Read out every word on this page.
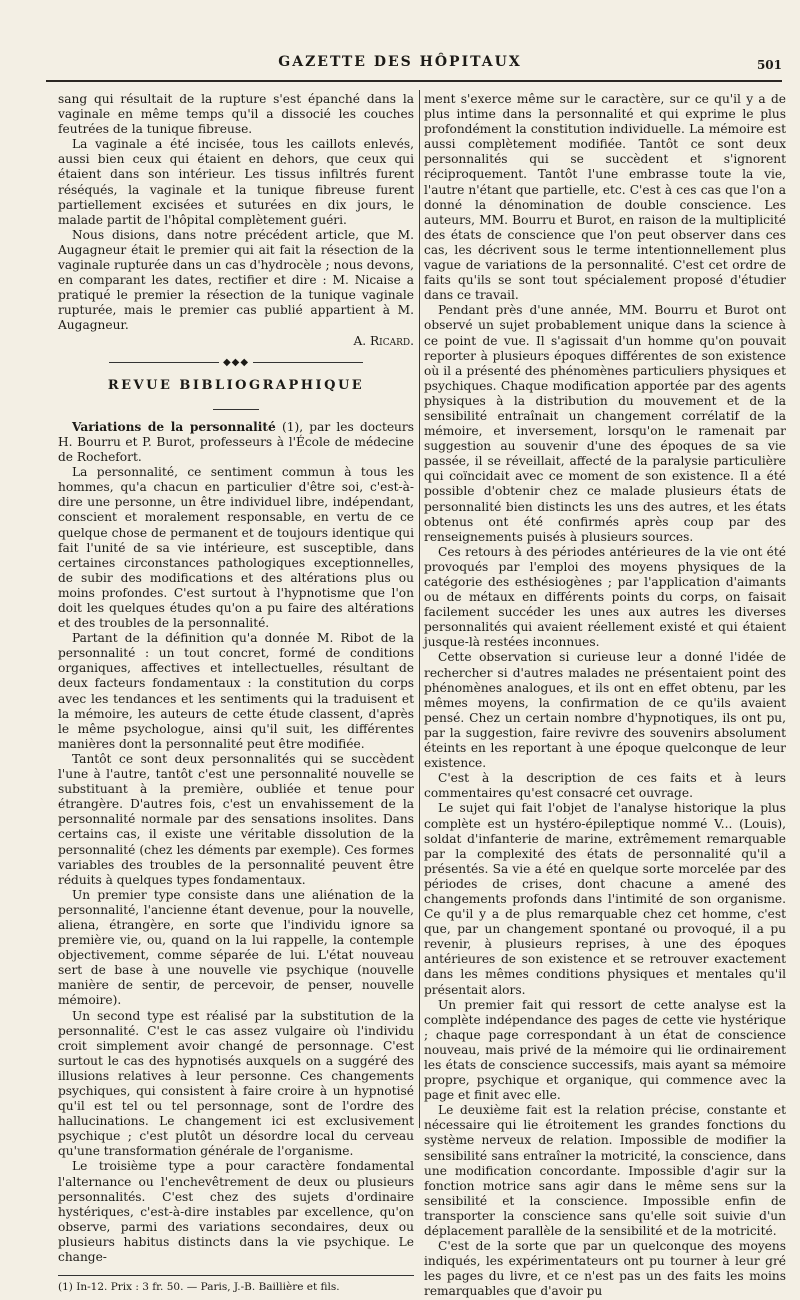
GAZETTE DES HÔPITAUX	501

sang qui résultait de la rupture s'est épanché dans la vaginale en même temps qu'il a dissocié les couches feutrées de la tunique fibreuse.

La vaginale a été incisée, tous les caillots enlevés, aussi bien ceux qui étaient en dehors, que ceux qui étaient dans son intérieur. Les tissus infiltrés furent réséqués, la vaginale et la tunique fibreuse furent partiellement excisées et suturées en dix jours, le malade partit de l'hôpital complètement guéri.

Nous disions, dans notre précédent article, que M. Augagneur était le premier qui ait fait la résection de la vaginale rupturée dans un cas d'hydrocèle ; nous devons, en comparant les dates, rectifier et dire : M. Nicaise a pratiqué le premier la résection de la tunique vaginale rupturée, mais le premier cas publié appartient à M. Augagneur.

A. Ricard.

◆◆◆
REVUE BIBLIOGRAPHIQUE

Variations de la personnalité (1), par les docteurs H. Bourru et P. Burot, professeurs à l'École de médecine de Rochefort.

La personnalité, ce sentiment commun à tous les hommes, qu'a chacun en particulier d'être soi, c'est-à-dire une personne, un être individuel libre, indépendant, conscient et moralement responsable, en vertu de ce quelque chose de permanent et de toujours identique qui fait l'unité de sa vie intérieure, est susceptible, dans certaines circonstances pathologiques exceptionnelles, de subir des modifications et des altérations plus ou moins profondes. C'est surtout à l'hypnotisme que l'on doit les quelques études qu'on a pu faire des altérations et des troubles de la personnalité.

Partant de la définition qu'a donnée M. Ribot de la personnalité : un tout concret, formé de conditions organiques, affectives et intellectuelles, résultant de deux facteurs fondamentaux : la constitution du corps avec les tendances et les sentiments qui la traduisent et la mémoire, les auteurs de cette étude classent, d'après le même psychologue, ainsi qu'il suit, les différentes manières dont la personnalité peut être modifiée.

Tantôt ce sont deux personnalités qui se succèdent l'une à l'autre, tantôt c'est une personnalité nouvelle se substituant à la première, oubliée et tenue pour étrangère. D'autres fois, c'est un envahissement de la personnalité normale par des sensations insolites. Dans certains cas, il existe une véritable dissolution de la personnalité (chez les déments par exemple). Ces formes variables des troubles de la personnalité peuvent être réduits à quelques types fondamentaux.

Un premier type consiste dans une aliénation de la personnalité, l'ancienne étant devenue, pour la nouvelle, aliena, étrangère, en sorte que l'individu ignore sa première vie, ou, quand on la lui rappelle, la contemple objectivement, comme séparée de lui. L'état nouveau sert de base à une nouvelle vie psychique (nouvelle manière de sentir, de percevoir, de penser, nouvelle mémoire).

Un second type est réalisé par la substitution de la personnalité. C'est le cas assez vulgaire où l'individu croit simplement avoir changé de personnage. C'est surtout le cas des hypnotisés auxquels on a suggéré des illusions relatives à leur personne. Ces changements psychiques, qui consistent à faire croire à un hypnotisé qu'il est tel ou tel personnage, sont de l'ordre des hallucinations. Le changement ici est exclusivement psychique ; c'est plutôt un désordre local du cerveau qu'une transformation générale de l'organisme.

Le troisième type a pour caractère fondamental l'alternance ou l'enchevêtrement de deux ou plusieurs personnalités. C'est chez des sujets d'ordinaire hystériques, c'est-à-dire instables par excellence, qu'on observe, parmi des variations secondaires, deux ou plusieurs habitus distincts dans la vie psychique. Le change-

(1) In-12. Prix : 3 fr. 50. — Paris, J.-B. Baillière et fils.

ment s'exerce même sur le caractère, sur ce qu'il y a de plus intime dans la personnalité et qui exprime le plus profondément la constitution individuelle. La mémoire est aussi complètement modifiée. Tantôt ce sont deux personnalités qui se succèdent et s'ignorent réciproquement. Tantôt l'une embrasse toute la vie, l'autre n'étant que partielle, etc. C'est à ces cas que l'on a donné la dénomination de double conscience. Les auteurs, MM. Bourru et Burot, en raison de la multiplicité des états de conscience que l'on peut observer dans ces cas, les décrivent sous le terme intentionnellement plus vague de variations de la personnalité. C'est cet ordre de faits qu'ils se sont tout spécialement proposé d'étudier dans ce travail.

Pendant près d'une année, MM. Bourru et Burot ont observé un sujet probablement unique dans la science à ce point de vue. Il s'agissait d'un homme qu'on pouvait reporter à plusieurs époques différentes de son existence où il a présenté des phénomènes particuliers physiques et psychiques. Chaque modification apportée par des agents physiques à la distribution du mouvement et de la sensibilité entraînait un changement corrélatif de la mémoire, et inversement, lorsqu'on le ramenait par suggestion au souvenir d'une des époques de sa vie passée, il se réveillait, affecté de la paralysie particulière qui coïncidait avec ce moment de son existence. Il a été possible d'obtenir chez ce malade plusieurs états de personnalité bien distincts les uns des autres, et les états obtenus ont été confirmés après coup par des renseignements puisés à plusieurs sources.

Ces retours à des périodes antérieures de la vie ont été provoqués par l'emploi des moyens physiques de la catégorie des esthésiogènes ; par l'application d'aimants ou de métaux en différents points du corps, on faisait facilement succéder les unes aux autres les diverses personnalités qui avaient réellement existé et qui étaient jusque-là restées inconnues.

Cette observation si curieuse leur a donné l'idée de rechercher si d'autres malades ne présentaient point des phénomènes analogues, et ils ont en effet obtenu, par les mêmes moyens, la confirmation de ce qu'ils avaient pensé. Chez un certain nombre d'hypnotiques, ils ont pu, par la suggestion, faire revivre des souvenirs absolument éteints en les reportant à une époque quelconque de leur existence.

C'est à la description de ces faits et à leurs commentaires qu'est consacré cet ouvrage.

Le sujet qui fait l'objet de l'analyse historique la plus complète est un hystéro-épileptique nommé V... (Louis), soldat d'infanterie de marine, extrêmement remarquable par la complexité des états de personnalité qu'il a présentés. Sa vie a été en quelque sorte morcelée par des périodes de crises, dont chacune a amené des changements profonds dans l'intimité de son organisme. Ce qu'il y a de plus remarquable chez cet homme, c'est que, par un changement spontané ou provoqué, il a pu revenir, à plusieurs reprises, à une des époques antérieures de son existence et se retrouver exactement dans les mêmes conditions physiques et mentales qu'il présentait alors.

Un premier fait qui ressort de cette analyse est la complète indépendance des pages de cette vie hystérique ; chaque page correspondant à un état de conscience nouveau, mais privé de la mémoire qui lie ordinairement les états de conscience successifs, mais ayant sa mémoire propre, psychique et organique, qui commence avec la page et finit avec elle.

Le deuxième fait est la relation précise, constante et nécessaire qui lie étroitement les grandes fonctions du système nerveux de relation. Impossible de modifier la sensibilité sans entraîner la motricité, la conscience, dans une modification concordante. Impossible d'agir sur la fonction motrice sans agir dans le même sens sur la sensibilité et la conscience. Impossible enfin de transporter la conscience sans qu'elle soit suivie d'un déplacement parallèle de la sensibilité et de la motricité.

C'est de la sorte que par un quelconque des moyens indiqués, les expérimentateurs ont pu tourner à leur gré les pages du livre, et ce n'est pas un des faits les moins remarquables que d'avoir pu
